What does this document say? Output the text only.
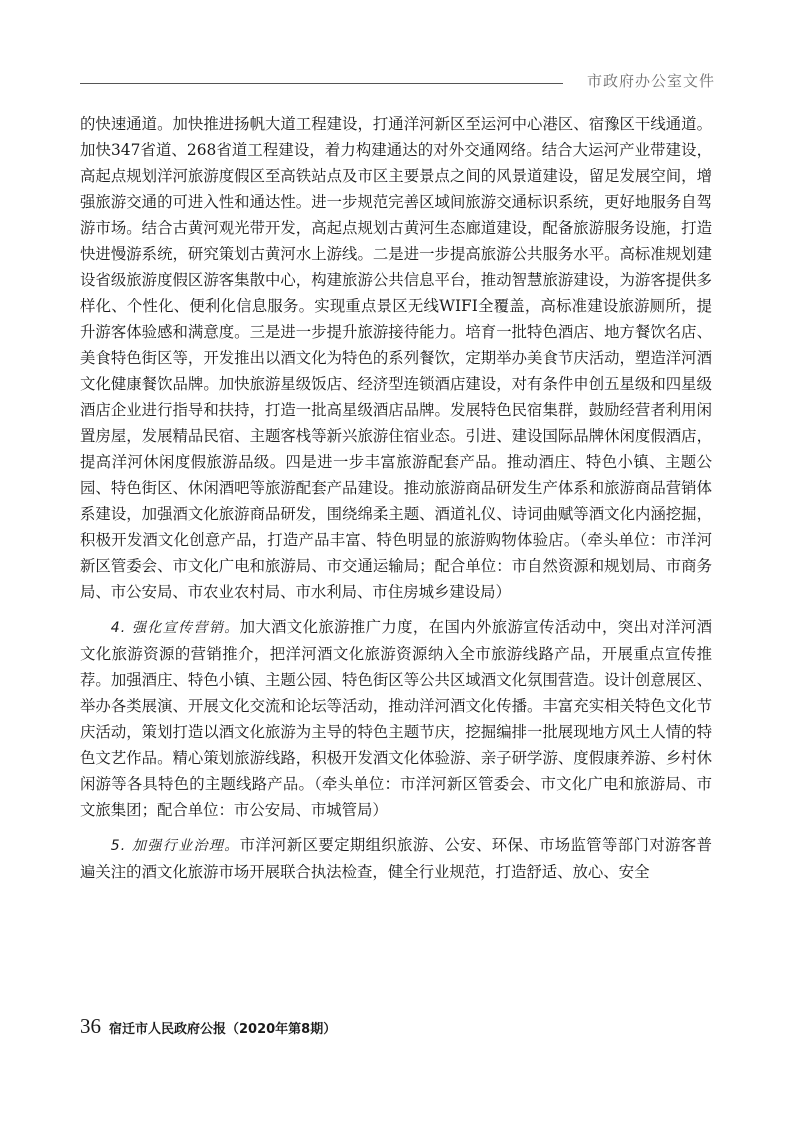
市政府办公室文件

的快速通道。加快推进扬帆大道工程建设，打通洋河新区至运河中心港区、宿豫区干线通道。加快347省道、268省道工程建设，着力构建通达的对外交通网络。结合大运河产业带建设，高起点规划洋河旅游度假区至高铁站点及市区主要景点之间的风景道建设，留足发展空间，增强旅游交通的可进入性和通达性。进一步规范完善区域间旅游交通标识系统，更好地服务自驾游市场。结合古黄河观光带开发，高起点规划古黄河生态廊道建设，配备旅游服务设施，打造快进慢游系统，研究策划古黄河水上游线。二是进一步提高旅游公共服务水平。高标准规划建设省级旅游度假区游客集散中心，构建旅游公共信息平台，推动智慧旅游建设，为游客提供多样化、个性化、便利化信息服务。实现重点景区无线WIFI全覆盖，高标准建设旅游厕所，提升游客体验感和满意度。三是进一步提升旅游接待能力。培育一批特色酒店、地方餐饮名店、美食特色街区等，开发推出以酒文化为特色的系列餐饮，定期举办美食节庆活动，塑造洋河酒文化健康餐饮品牌。加快旅游星级饭店、经济型连锁酒店建设，对有条件申创五星级和四星级酒店企业进行指导和扶持，打造一批高星级酒店品牌。发展特色民宿集群，鼓励经营者利用闲置房屋，发展精品民宿、主题客栈等新兴旅游住宿业态。引进、建设国际品牌休闲度假酒店，提高洋河休闲度假旅游品级。四是进一步丰富旅游配套产品。推动酒庄、特色小镇、主题公园、特色街区、休闲酒吧等旅游配套产品建设。推动旅游商品研发生产体系和旅游商品营销体系建设，加强酒文化旅游商品研发，围绕绵柔主题、酒道礼仪、诗词曲赋等酒文化内涵挖掘，积极开发酒文化创意产品，打造产品丰富、特色明显的旅游购物体验店。（牵头单位：市洋河新区管委会、市文化广电和旅游局、市交通运输局；配合单位：市自然资源和规划局、市商务局、市公安局、市农业农村局、市水利局、市住房城乡建设局）

4. 强化宣传营销。加大酒文化旅游推广力度，在国内外旅游宣传活动中，突出对洋河酒文化旅游资源的营销推介，把洋河酒文化旅游资源纳入全市旅游线路产品，开展重点宣传推荐。加强酒庄、特色小镇、主题公园、特色街区等公共区域酒文化氛围营造。设计创意展区、举办各类展演、开展文化交流和论坛等活动，推动洋河酒文化传播。丰富充实相关特色文化节庆活动，策划打造以酒文化旅游为主导的特色主题节庆，挖掘编排一批展现地方风土人情的特色文艺作品。精心策划旅游线路，积极开发酒文化体验游、亲子研学游、度假康养游、乡村休闲游等各具特色的主题线路产品。（牵头单位：市洋河新区管委会、市文化广电和旅游局、市文旅集团；配合单位：市公安局、市城管局）

5. 加强行业治理。市洋河新区要定期组织旅游、公安、环保、市场监管等部门对游客普遍关注的酒文化旅游市场开展联合执法检查，健全行业规范，打造舒适、放心、安全

36 宿迁市人民政府公报（2020年第8期）
